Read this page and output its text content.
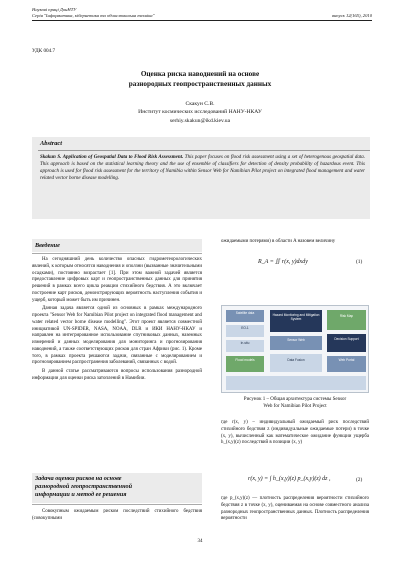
Наукові праці ДонНТУ
Серія "Інформатика, кібернетика та обчислювальна техніка"	випуск 12(165), 2010
УДК 004.7
Оценка риска наводнений на основе
разнородных геопространственных данных
Скакун С.В.
Институт космических исследований НАНУ-НКАУ
serhiy.skakun@ikd.kiev.ua
Abstract
Skakun S. Application of Geospatial Data to Flood Risk Assessment. This paper focuses on flood risk assessment using a set of heterogenous geospatial data. This approach is based on the statistical learning theory and the use of ensemble of classifiers for detection of density probability of hazardous event. This approach is used for flood risk assessment for the territory of Namibia within Sensor Web for Namibian Pilot project on integrated flood management and water related vector borne disease modelling.
Введение

На сегодняшний день количество опасных гидрометеорологических явлений, к которым относятся наводнения и оползни (вызванные значительными осадками), постоянно возрастает [1]. При этом важной задачей является предоставление цифровых карт и геопространственных данных для принятия решений в рамках всего цикла реакции стихийного бедствия. А это включает построение карт рисков, демонстрирующих вероятность наступления события и ущерб, который может быть им причинен.

Данная задача является одной из основных в рамках международного проекта "Sensor Web for Namibian Pilot project on integrated flood management and water related vector borne disease modelling". Этот проект является совместной инициативой UN-SPIDER, NASA, NOAA, DLR и ИКИ НАНУ-НКАУ и направлен на интегрированное использование спутниковых данных, наземных измерений и данных моделирования для мониторинга и прогнозирования наводнений, а также соответствующих рисков для стран Африки (рис. 1). Кроме того, в рамках проекта решаются задачи, связанные с моделированием и прогнозированием распространения заболеваний, связанных с водой.

В данной статье рассматриваются вопросы использования разнородной информации для оценки риска затоплений в Намибии.

Задача оценки рисков на основе
разнородной геопространственной
информации и метод ее решения

Совокупным ожидаемым риском последствий стихийного бедствия (совокупными

ожидаемыми потерями) в области A назовем величину

R_A = ∬ r(x, y)dxdy	(1)
Satellite data
EO-1
In-situ
Flood models
Hazard Monitoring and Mitigation System
Sensor Web
Data Fusion
Risk Map
Decision Support
Web Portal
Рисунок 1 – Общая архитектура системы Sensor
Web for Namibian Pilot Project

где r(x, y) – индивидуальный ожидаемый риск последствий стихийного бедствия z (индивидуальные ожидаемые потери) в точке (x, y), вычисленный как математическое ожидание функции ущерба h_(x,y)(z) последствий в позиции (x, y)

r(x, y) = ∫ h_(x,y)(z) p_(x,y)(z) dz ,	(2)

где p_(x,y)(z) — плотность распределения вероятности стихийного бедствия z в точке (x, y), оцениваемая на основе совместного анализа разнородных геопространственных данных. Плотность распределения вероятности

34
